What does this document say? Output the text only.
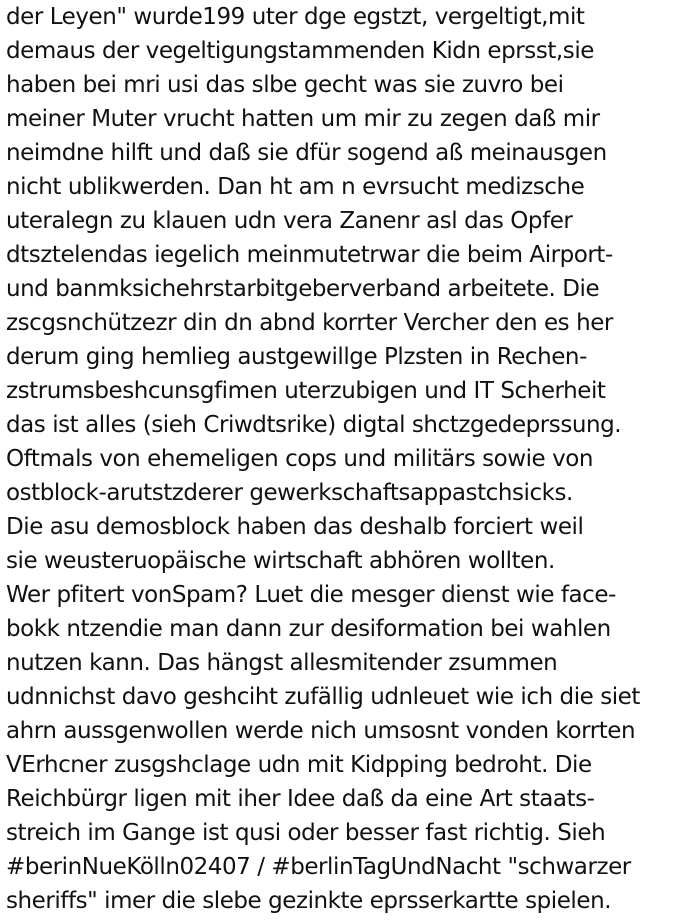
der Leyen" wurde199 uter dge egstzt, vergeltigt,mit
demaus der vegeltigungstammenden Kidn eprsst,sie
haben bei mri usi das slbe gecht was sie zuvro bei
meiner Muter vrucht hatten um mir zu zegen daß mir
neimdne hilft und daß sie dfür sogend aß meinausgen
nicht ublikwerden. Dan ht am n evrsucht medizsche
uteralegn zu klauen udn vera Zanenr asl das Opfer
dtsztelendas iegelich meinmutetrwar die beim Airport-
und banmksichehrstarbitgeberverband arbeitete. Die
zscgsnchützezr din dn abnd korrter Vercher den es her
derum ging hemlieg austgewillge Plzsten in Rechen-
zstrumsbeshcunsgfimen uterzubigen und IT Scherheit
das ist alles (sieh Criwdtsrike) digtal shctzgedeprssung.
Oftmals von ehemeligen cops und militärs sowie von
ostblock-arutstzderer gewerkschaftsappastchsicks.
Die asu demosblock haben das deshalb forciert weil
sie weusteruopäische wirtschaft abhören wollten.
Wer pfitert vonSpam? Luet die mesger dienst wie face-
bokk ntzendie man dann zur desiformation bei wahlen
nutzen kann. Das hängst allesmitender zsummen
udnnichst davo geshciht zufällig udnleuet wie ich die siet
ahrn aussgenwollen werde nich umsosnt vonden korrten
VErhcner zusgshclage udn mit Kidpping bedroht. Die
Reichbürgr ligen mit iher Idee daß da eine Art staats-
streich im Gange ist qusi oder besser fast richtig. Sieh
#berinNueKölln02407 / #berlinTagUndNacht "schwarzer
sheriffs" imer die slebe gezinkte eprsserkartte spielen.
